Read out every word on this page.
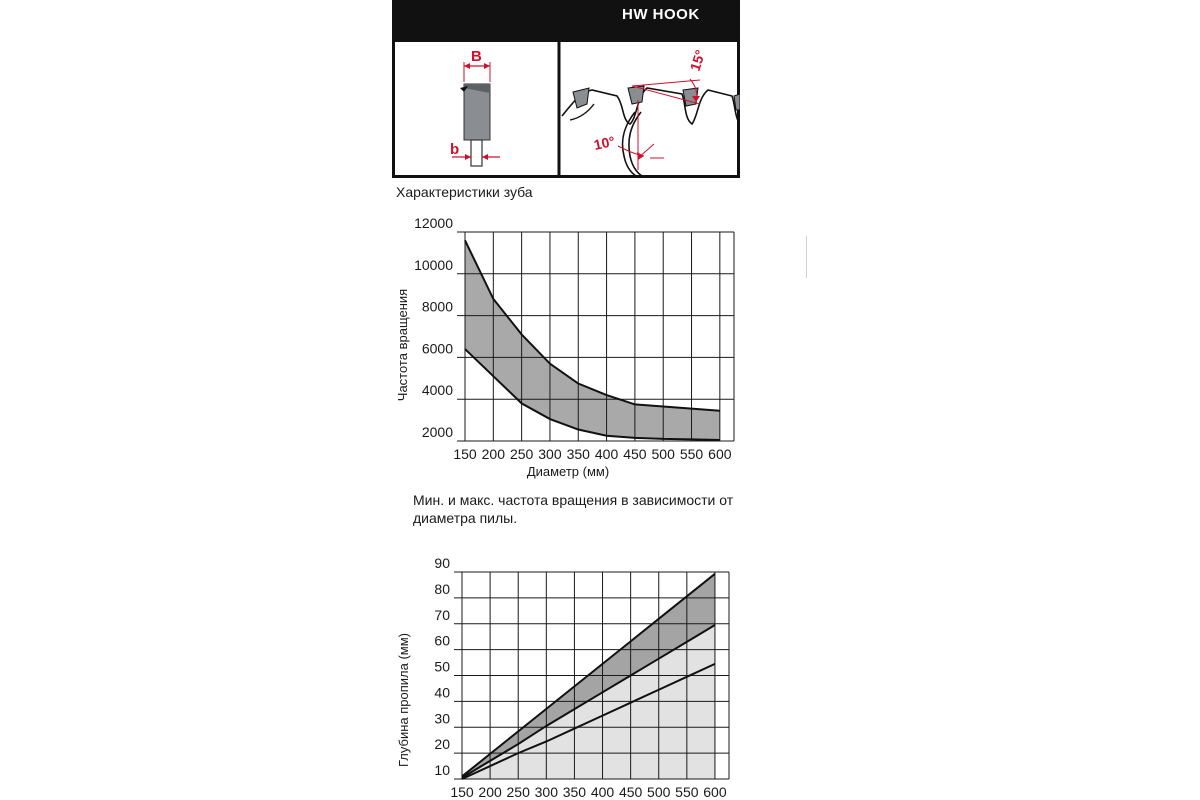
B
b
15°
10°
HW HOOK
Характеристики зуба
2000
4000
6000
8000
10000
12000
150 200 250 300 350 400 450 500 550 600
Диаметр (мм)
Частота вращения
Мин. и макс. частота вращения в зависимости от диаметра пилы.
10
20
30
40
50
60
70
80
90
150 200 250 300 350 400 450 500 550 600
Глубина пропила (мм)
